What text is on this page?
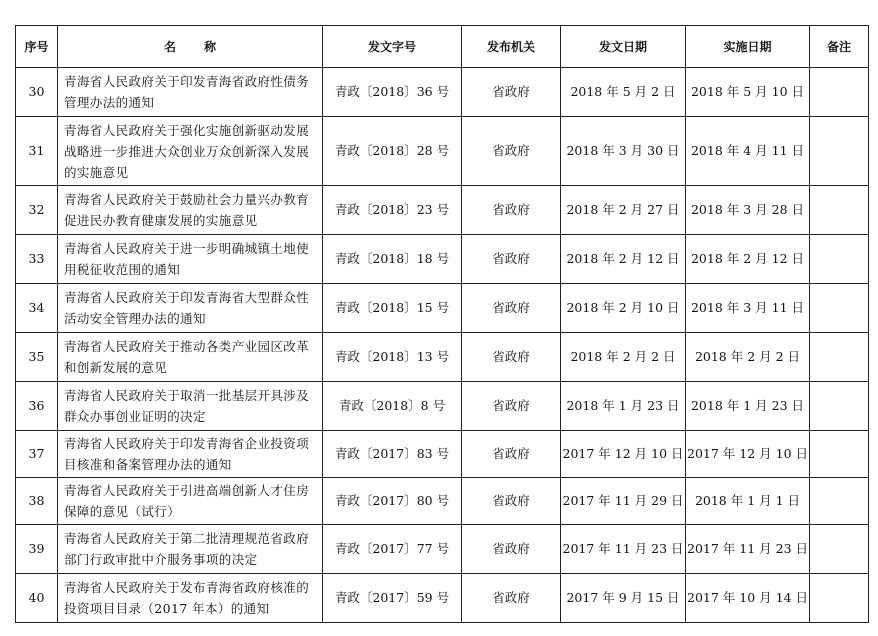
序号	名称	发文字号	发布机关	发文日期	实施日期	备注
30	青海省人民政府关于印发青海省政府性债务管理办法的通知	青政〔2018〕36 号	省政府	2018 年 5 月 2 日	2018 年 5 月 10 日	
31	青海省人民政府关于强化实施创新驱动发展战略进一步推进大众创业万众创新深入发展的实施意见	青政〔2018〕28 号	省政府	2018 年 3 月 30 日	2018 年 4 月 11 日	
32	青海省人民政府关于鼓励社会力量兴办教育促进民办教育健康发展的实施意见	青政〔2018〕23 号	省政府	2018 年 2 月 27 日	2018 年 3 月 28 日	
33	青海省人民政府关于进一步明确城镇土地使用税征收范围的通知	青政〔2018〕18 号	省政府	2018 年 2 月 12 日	2018 年 2 月 12 日	
34	青海省人民政府关于印发青海省大型群众性活动安全管理办法的通知	青政〔2018〕15 号	省政府	2018 年 2 月 10 日	2018 年 3 月 11 日	
35	青海省人民政府关于推动各类产业园区改革和创新发展的意见	青政〔2018〕13 号	省政府	2018 年 2 月 2 日	2018 年 2 月 2 日	
36	青海省人民政府关于取消一批基层开具涉及群众办事创业证明的决定	青政〔2018〕8 号	省政府	2018 年 1 月 23 日	2018 年 1 月 23 日	
37	青海省人民政府关于印发青海省企业投资项目核准和备案管理办法的通知	青政〔2017〕83 号	省政府	2017 年 12 月 10 日	2017 年 12 月 10 日	
38	青海省人民政府关于引进高端创新人才住房保障的意见（试行）	青政〔2017〕80 号	省政府	2017 年 11 月 29 日	2018 年 1 月 1 日	
39	青海省人民政府关于第二批清理规范省政府部门行政审批中介服务事项的决定	青政〔2017〕77 号	省政府	2017 年 11 月 23 日	2017 年 11 月 23 日	
40	青海省人民政府关于发布青海省政府核准的投资项目目录（2017 年本）的通知	青政〔2017〕59 号	省政府	2017 年 9 月 15 日	2017 年 10 月 14 日	
